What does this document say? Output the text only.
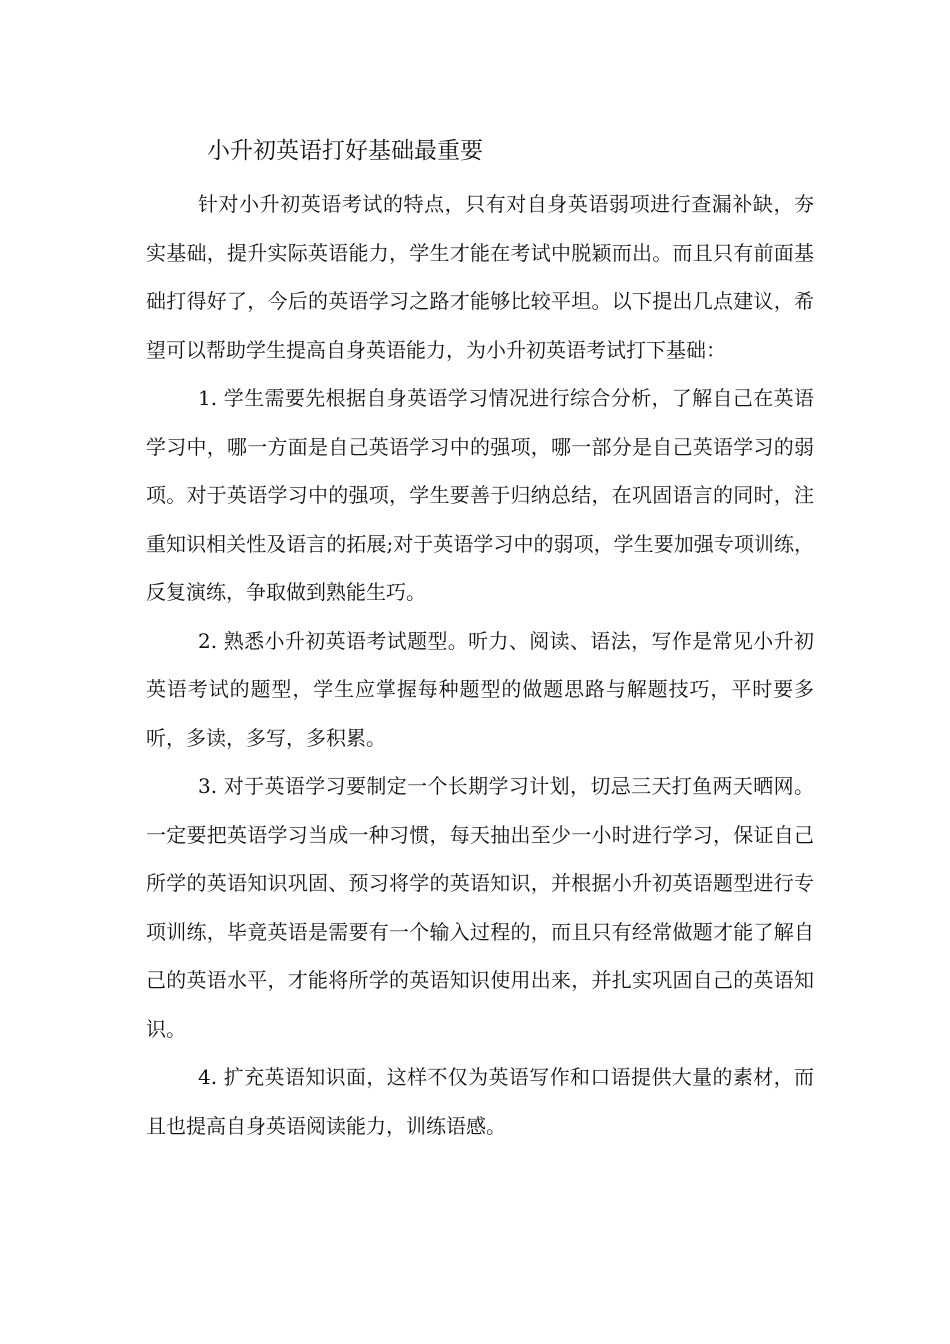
小升初英语打好基础最重要

针对小升初英语考试的特点，只有对自身英语弱项进行查漏补缺，夯实基础，提升实际英语能力，学生才能在考试中脱颖而出。而且只有前面基础打得好了，今后的英语学习之路才能够比较平坦。以下提出几点建议，希望可以帮助学生提高自身英语能力，为小升初英语考试打下基础：

1. 学生需要先根据自身英语学习情况进行综合分析，了解自己在英语学习中，哪一方面是自己英语学习中的强项，哪一部分是自己英语学习的弱项。对于英语学习中的强项，学生要善于归纳总结，在巩固语言的同时，注重知识相关性及语言的拓展;对于英语学习中的弱项，学生要加强专项训练，反复演练，争取做到熟能生巧。

2. 熟悉小升初英语考试题型。听力、阅读、语法，写作是常见小升初英语考试的题型，学生应掌握每种题型的做题思路与解题技巧，平时要多听，多读，多写，多积累。

3. 对于英语学习要制定一个长期学习计划，切忌三天打鱼两天晒网。一定要把英语学习当成一种习惯，每天抽出至少一小时进行学习，保证自己所学的英语知识巩固、预习将学的英语知识，并根据小升初英语题型进行专项训练，毕竟英语是需要有一个输入过程的，而且只有经常做题才能了解自己的英语水平，才能将所学的英语知识使用出来，并扎实巩固自己的英语知识。

4. 扩充英语知识面，这样不仅为英语写作和口语提供大量的素材，而且也提高自身英语阅读能力，训练语感。
